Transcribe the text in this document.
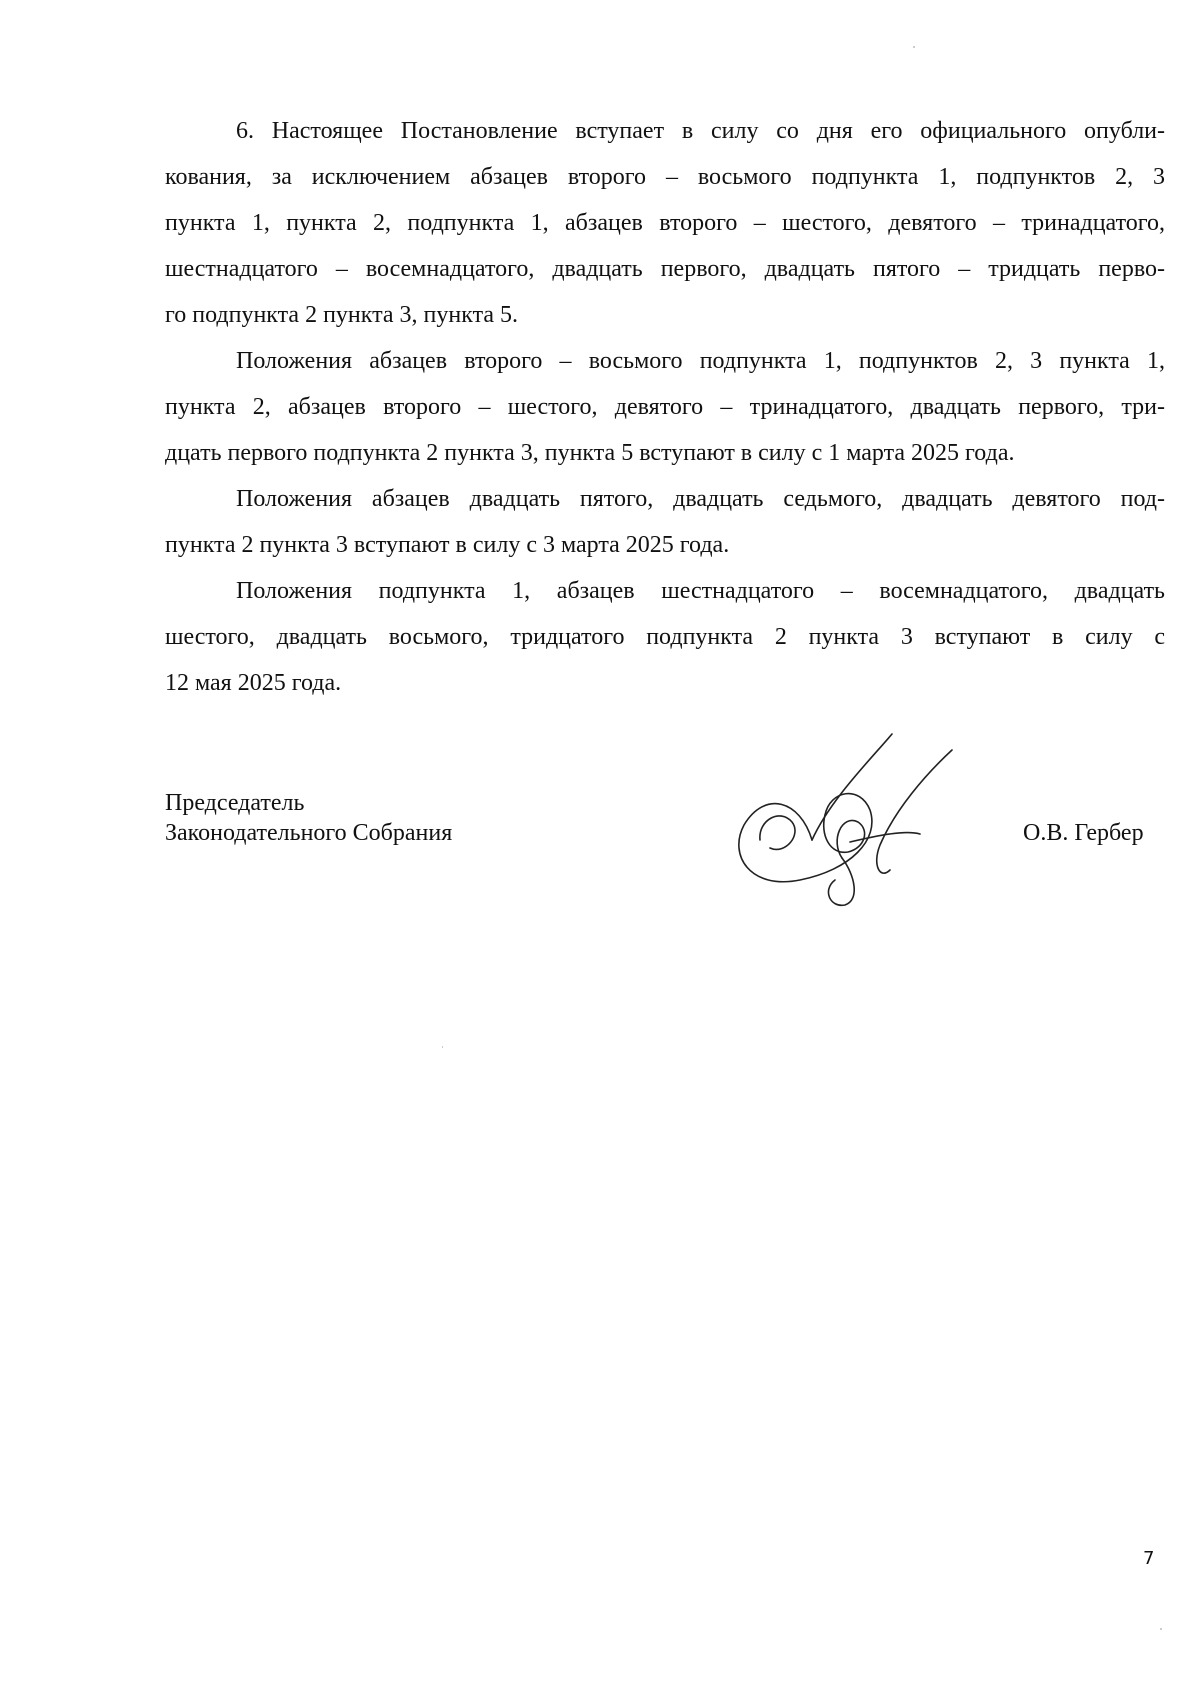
6. Настоящее Постановление вступает в силу со дня его официального опубли-
кования, за исключением абзацев второго – восьмого подпункта 1, подпунктов 2, 3
пункта 1, пункта 2, подпункта 1, абзацев второго – шестого, девятого – тринадцатого,
шестнадцатого – восемнадцатого, двадцать первого, двадцать пятого – тридцать перво-
го подпункта 2 пункта 3, пункта 5.

Положения абзацев второго – восьмого подпункта 1, подпунктов 2, 3 пункта 1,
пункта 2, абзацев второго – шестого, девятого – тринадцатого, двадцать первого, три-
дцать первого подпункта 2 пункта 3, пункта 5 вступают в силу с 1 марта 2025 года.

Положения абзацев двадцать пятого, двадцать седьмого, двадцать девятого под-
пункта 2 пункта 3 вступают в силу с 3 марта 2025 года.

Положения подпункта 1, абзацев шестнадцатого – восемнадцатого, двадцать
шестого, двадцать восьмого, тридцатого подпункта 2 пункта 3 вступают в силу с
12 мая 2025 года.

Председатель
Законодательного Собрания	О.В. Гербер
7
